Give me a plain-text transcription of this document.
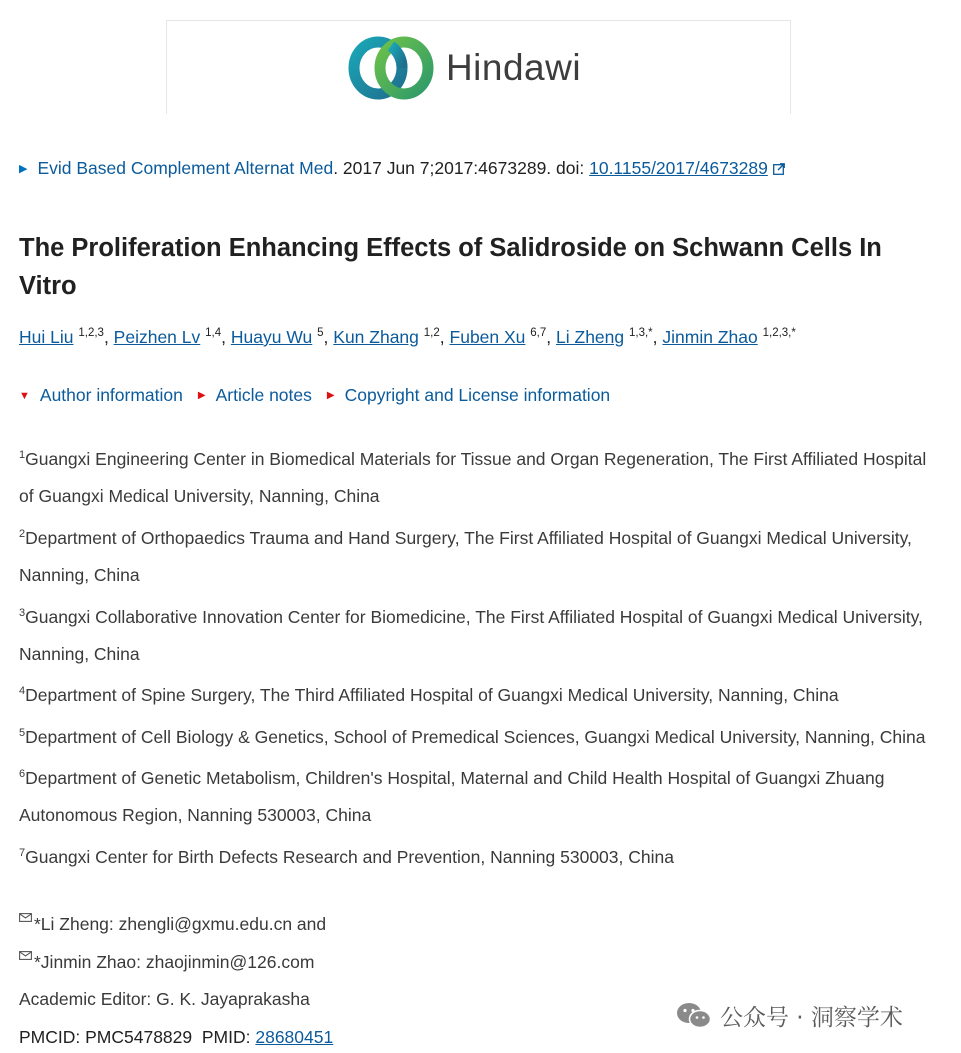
Hindawi
▶ Evid Based Complement Alternat Med. 2017 Jun 7;2017:4673289. doi: 10.1155/2017/4673289
The Proliferation Enhancing Effects of Salidroside on Schwann Cells In Vitro
Hui Liu $^{1,2,3}$, Peizhen Lv $^{1,4}$, Huayu Wu $^5$, Kun Zhang $^{1,2}$, Fuben Xu $^{6,7}$, Li Zheng $^{1,3,*}$, Jinmin Zhao $^{1,2,3,*}$
▼ Author information ▶ Article notes ▶ Copyright and License information

$^1$Guangxi Engineering Center in Biomedical Materials for Tissue and Organ Regeneration, The First Affiliated Hospital of Guangxi Medical University, Nanning, China

$^2$Department of Orthopaedics Trauma and Hand Surgery, The First Affiliated Hospital of Guangxi Medical University, Nanning, China

$^3$Guangxi Collaborative Innovation Center for Biomedicine, The First Affiliated Hospital of Guangxi Medical University, Nanning, China

$^4$Department of Spine Surgery, The Third Affiliated Hospital of Guangxi Medical University, Nanning, China

$^5$Department of Cell Biology & Genetics, School of Premedical Sciences, Guangxi Medical University, Nanning, China

$^6$Department of Genetic Metabolism, Children's Hospital, Maternal and Child Health Hospital of Guangxi Zhuang Autonomous Region, Nanning 530003, China

$^7$Guangxi Center for Birth Defects Research and Prevention, Nanning 530003, China

*Li Zheng: zhengli@gxmu.edu.cn and

*Jinmin Zhao: zhaojinmin@126.com

Academic Editor: G. K. Jayaprakasha

PMCID: PMC5478829 PMID: 28680451

公众号 · 洞察学术
